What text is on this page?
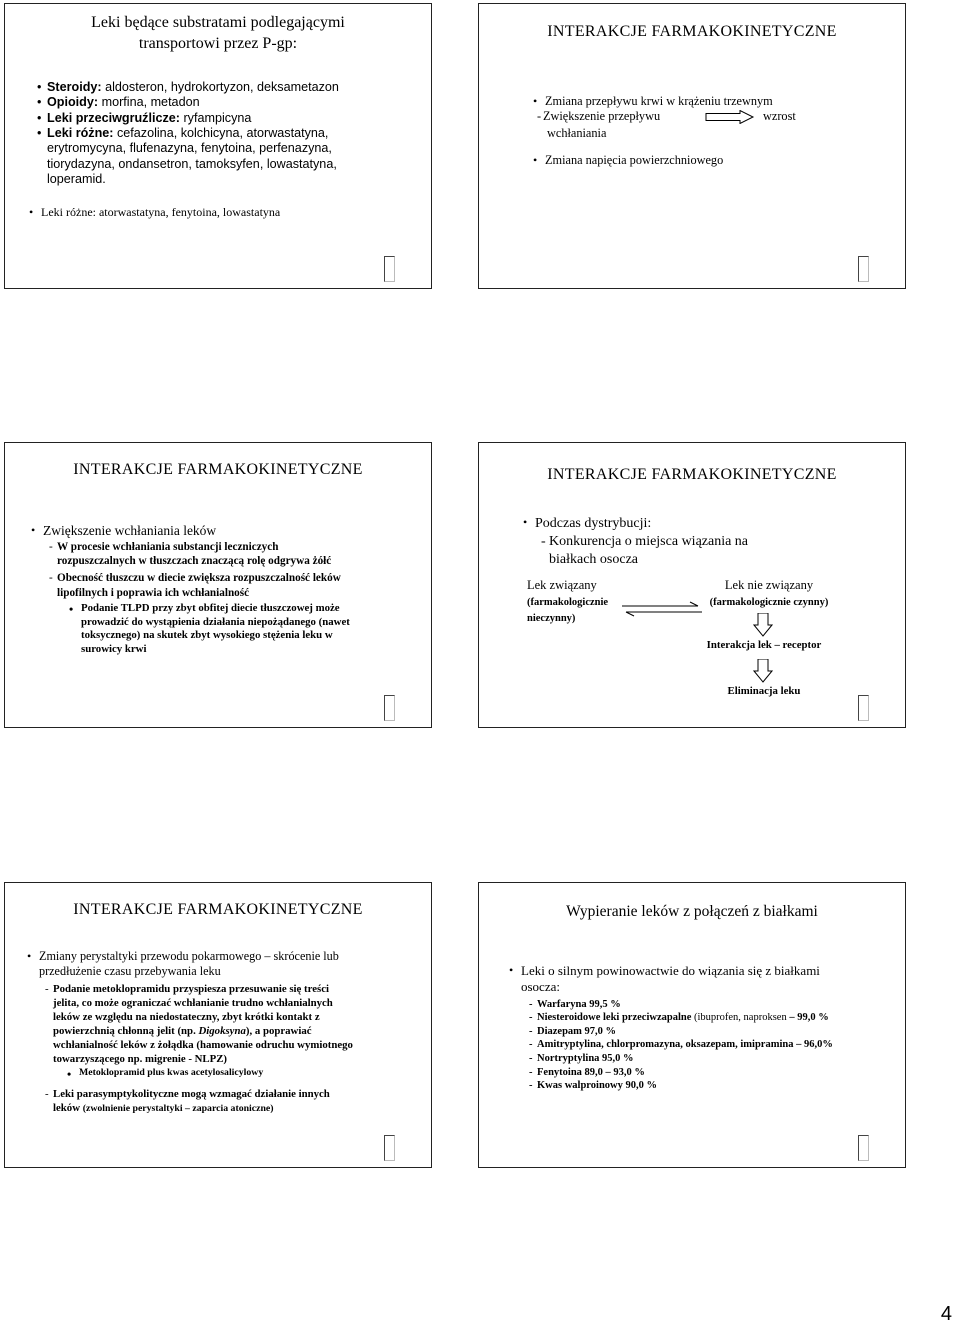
Leki będące substratami podlegającymi
transportowi przez P-gp:
• Steroidy: aldosteron, hydrokortyzon, deksametazon
• Opioidy: morfina, metadon
• Leki przeciwgruźlicze: ryfampicyna
• Leki różne: cefazolina, kolchicyna, atorwastatyna,
erytromycyna, flufenazyna, fenytoina, perfenazyna,
tiorydazyna, ondansetron, tamoksyfen, lowastatyna,
loperamid.
• Leki różne: atorwastatyna, fenytoina, lowastatyna
INTERAKCJE FARMAKOKINETYCZNE
• Zmiana przepływu krwi w krążeniu trzewnym
- Zwiększenie przepływu	wzrost
wchłaniania
• Zmiana napięcia powierzchniowego
INTERAKCJE FARMAKOKINETYCZNE
• Zwiększenie wchłaniania leków
- W procesie wchłaniania substancji leczniczych
rozpuszczalnych w tłuszczach znaczącą rolę odgrywa żółć
- Obecność tłuszczu w diecie zwiększa rozpuszczalność leków
lipofilnych i poprawia ich wchłanialność
• Podanie TLPD przy zbyt obfitej diecie tłuszczowej może
prowadzić do wystąpienia działania niepożądanego (nawet
toksycznego) na skutek zbyt wysokiego stężenia leku w
surowicy krwi
INTERAKCJE FARMAKOKINETYCZNE
• Podczas dystrybucji:
- Konkurencja o miejsca wiązania na
białkach osocza
Lek związany
(farmakologicznie
nieczynny)
Lek nie związany
(farmakologicznie czynny)
Interakcja lek – receptor
Eliminacja leku
INTERAKCJE FARMAKOKINETYCZNE
• Zmiany perystaltyki przewodu pokarmowego – skrócenie lub
przedłużenie czasu przebywania leku
- Podanie metoklopramidu przyspiesza przesuwanie się treści
jelita, co może ograniczać wchłanianie trudno wchłanialnych
leków ze względu na niedostateczny, zbyt krótki kontakt z
powierzchnią chłonną jelit (np. Digoksyna), a poprawiać
wchłanialność leków z żołądka (hamowanie odruchu wymiotnego
towarzyszącego np. migrenie - NLPZ)
• Metoklopramid plus kwas acetylosalicylowy
- Leki parasymptykolityczne mogą wzmagać działanie innych
leków (zwolnienie perystaltyki – zaparcia atoniczne)
Wypieranie leków z połączeń z białkami
• Leki o silnym powinowactwie do wiązania się z białkami
osocza:
- Warfaryna 99,5 %
- Niesteroidowe leki przeciwzapalne (ibuprofen, naproksen – 99,0 %
- Diazepam 97,0 %
- Amitryptylina, chlorpromazyna, oksazepam, imipramina – 96,0%
- Nortryptylina 95,0 %
- Fenytoina 89,0 – 93,0 %
- Kwas walproinowy 90,0 %
4
